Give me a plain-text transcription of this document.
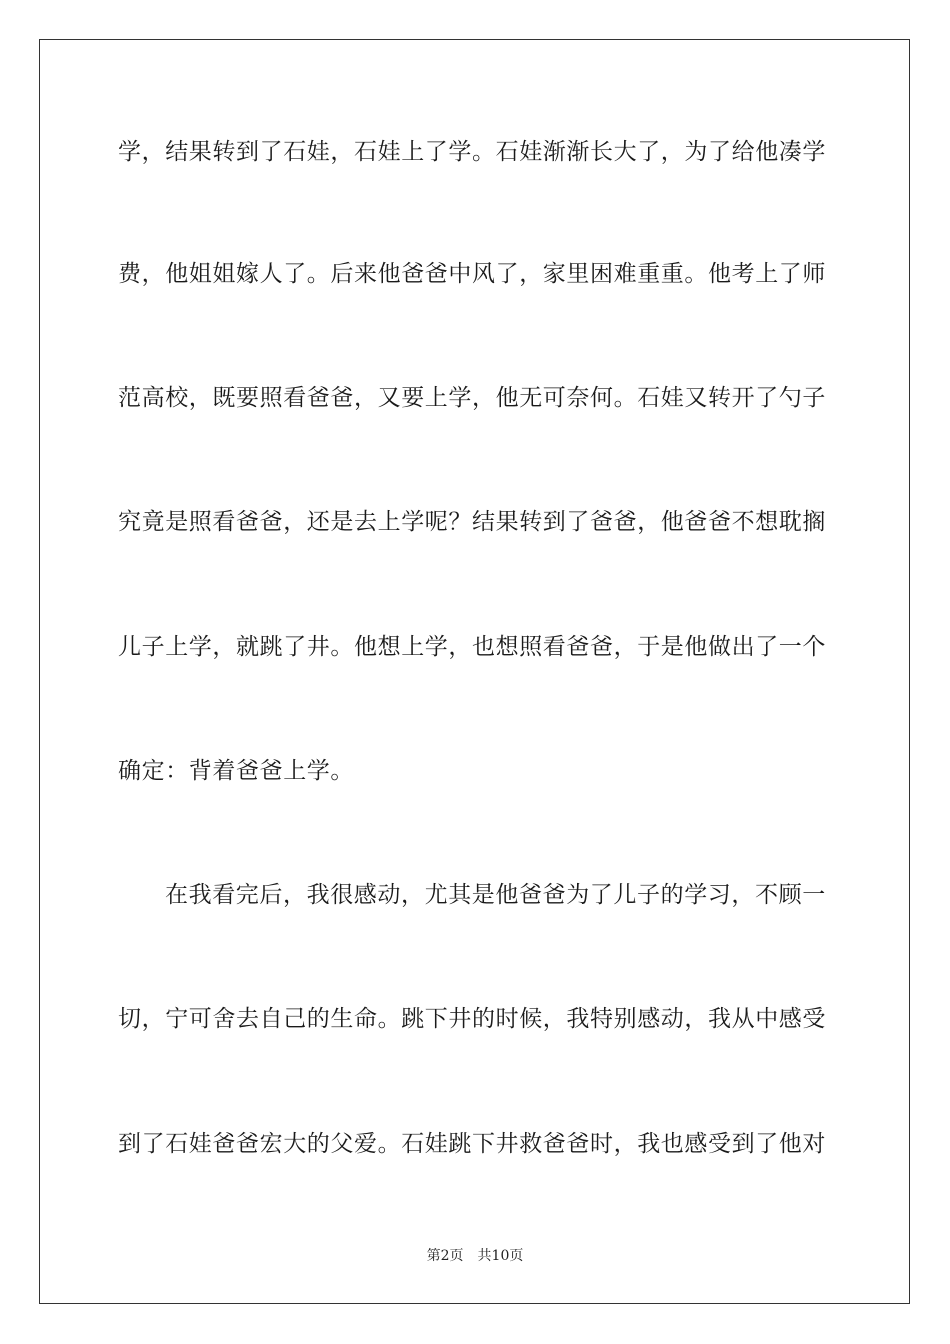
学，结果转到了石娃，石娃上了学。石娃渐渐长大了，为了给他凑学
费，他姐姐嫁人了。后来他爸爸中风了，家里困难重重。他考上了师
范高校，既要照看爸爸，又要上学，他无可奈何。石娃又转开了勺子
究竟是照看爸爸，还是去上学呢？结果转到了爸爸，他爸爸不想耽搁
儿子上学，就跳了井。他想上学，也想照看爸爸，于是他做出了一个
确定：背着爸爸上学。
在我看完后，我很感动，尤其是他爸爸为了儿子的学习，不顾一
切，宁可舍去自己的生命。跳下井的时候，我特别感动，我从中感受
到了石娃爸爸宏大的父爱。石娃跳下井救爸爸时，我也感受到了他对
第2页 共10页
